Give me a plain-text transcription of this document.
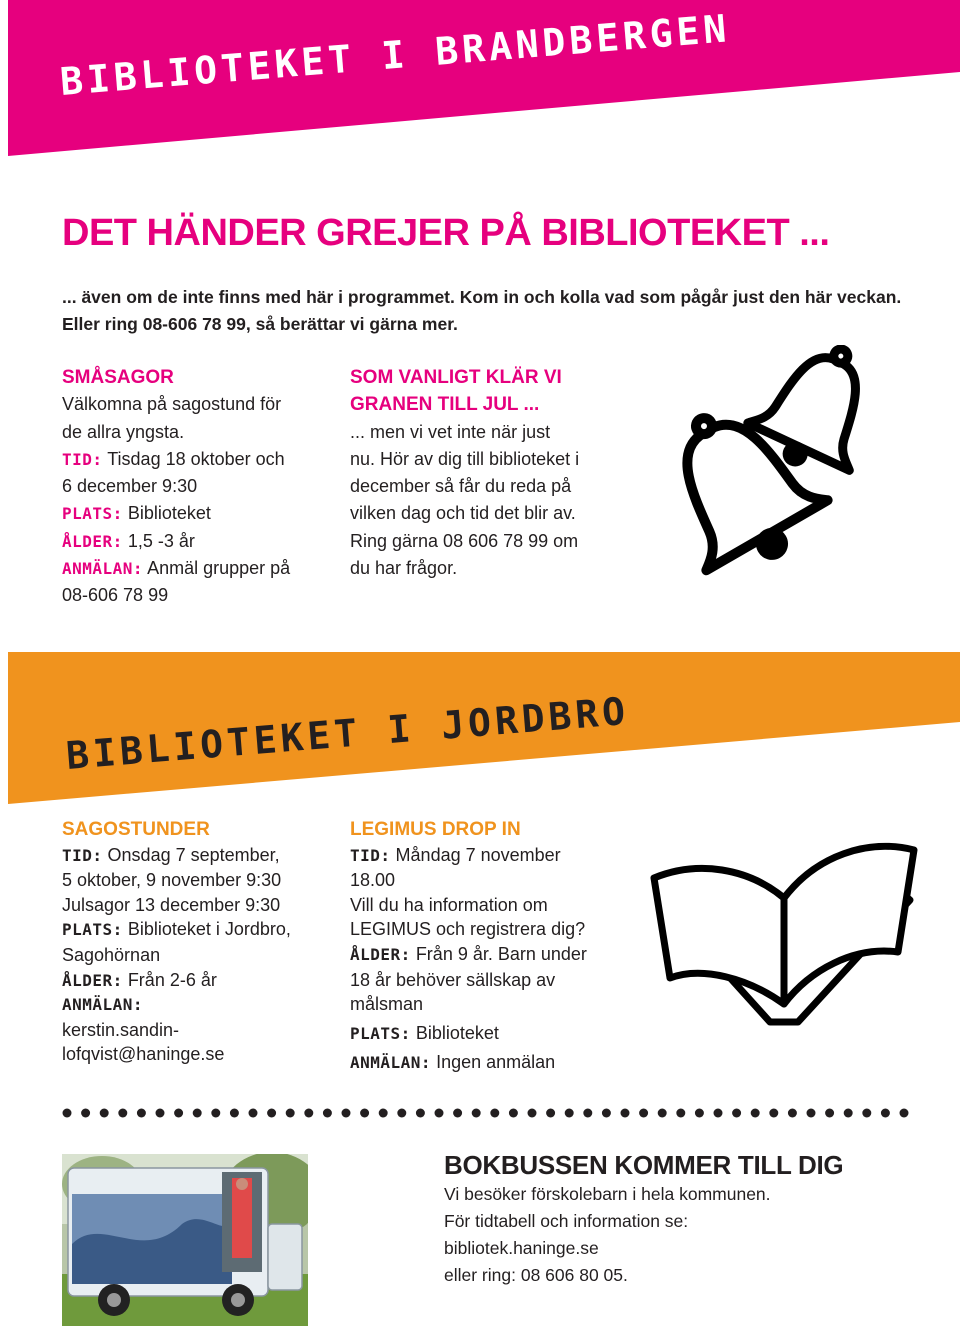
BIBLIOTEKET I BRANDBERGEN
DET HÄNDER GREJER PÅ BIBLIOTEKET ...
... även om de inte finns med här i programmet. Kom in och kolla vad som pågår just den här veckan. Eller ring 08-606 78 99, så berättar vi gärna mer.
SMÅSAGOR
Välkomna på sagostund för
de allra yngsta.
TID: Tisdag 18 oktober och
6 december 9:30
PLATS: Biblioteket
ÅLDER: 1,5 -3 år
ANMÄLAN: Anmäl grupper på
08-606 78 99
SOM VANLIGT KLÄR VI
GRANEN TILL JUL ...
... men vi vet inte när just
nu. Hör av dig till biblioteket i
december så får du reda på
vilken dag och tid det blir av.
Ring gärna 08 606 78 99 om
du har frågor.
BIBLIOTEKET I JORDBRO
SAGOSTUNDER
TID: Onsdag 7 september,
5 oktober, 9 november 9:30
Julsagor 13 december 9:30
PLATS: Biblioteket i Jordbro,
Sagohörnan
ÅLDER: Från 2-6 år
ANMÄLAN:
kerstin.sandin-
lofqvist@haninge.se
LEGIMUS DROP IN
TID: Måndag 7 november
18.00
Vill du ha information om
LEGIMUS och registrera dig?
ÅLDER: Från 9 år. Barn under
18 år behöver sällskap av
målsman
PLATS: Biblioteket
ANMÄLAN: Ingen anmälan
BOKBUSSEN KOMMER TILL DIG
Vi besöker förskolebarn i hela kommunen.
För tidtabell och information se:
bibliotek.haninge.se
eller ring: 08 606 80 05.
